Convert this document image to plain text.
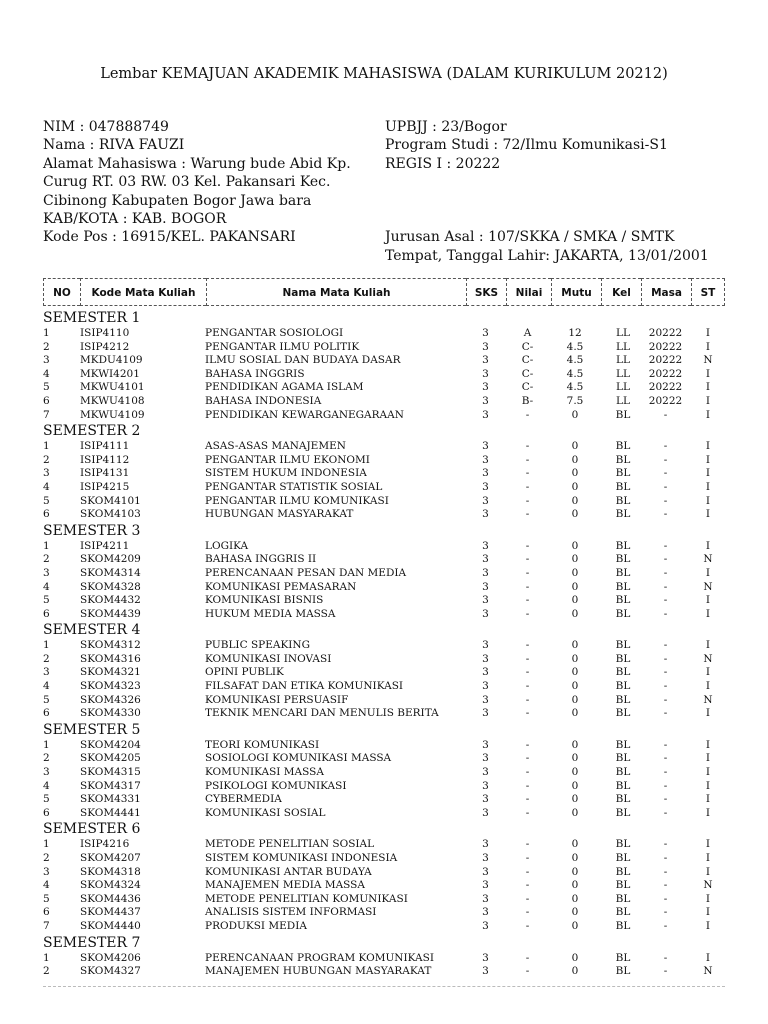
Lembar KEMAJUAN AKADEMIK MAHASISWA (DALAM KURIKULUM 20212)
NIM : 047888749
Nama : RIVA FAUZI
Alamat Mahasiswa : Warung bude Abid Kp. Curug RT. 03 RW. 03 Kel. Pakansari Kec. Cibinong Kabupaten Bogor Jawa bara
KAB/KOTA : KAB. BOGOR
Kode Pos : 16915/KEL. PAKANSARI
UPBJJ : 23/Bogor
Program Studi : 72/Ilmu Komunikasi-S1
REGIS I : 20222
Jurusan Asal : 107/SKKA / SMKA / SMTK
Tempat, Tanggal Lahir: JAKARTA, 13/01/2001
NO	Kode Mata Kuliah	Nama Mata Kuliah	SKS	Nilai	Mutu	Kel	Masa	ST
SEMESTER 1
1	ISIP4110	PENGANTAR SOSIOLOGI	3	A	12	LL	20222	I
2	ISIP4212	PENGANTAR ILMU POLITIK	3	C-	4.5	LL	20222	I
3	MKDU4109	ILMU SOSIAL DAN BUDAYA DASAR	3	C-	4.5	LL	20222	N
4	MKWI4201	BAHASA INGGRIS	3	C-	4.5	LL	20222	I
5	MKWU4101	PENDIDIKAN AGAMA ISLAM	3	C-	4.5	LL	20222	I
6	MKWU4108	BAHASA INDONESIA	3	B-	7.5	LL	20222	I
7	MKWU4109	PENDIDIKAN KEWARGANEGARAAN	3	-	0	BL	-	I
SEMESTER 2
1	ISIP4111	ASAS-ASAS MANAJEMEN	3	-	0	BL	-	I
2	ISIP4112	PENGANTAR ILMU EKONOMI	3	-	0	BL	-	I
3	ISIP4131	SISTEM HUKUM INDONESIA	3	-	0	BL	-	I
4	ISIP4215	PENGANTAR STATISTIK SOSIAL	3	-	0	BL	-	I
5	SKOM4101	PENGANTAR ILMU KOMUNIKASI	3	-	0	BL	-	I
6	SKOM4103	HUBUNGAN MASYARAKAT	3	-	0	BL	-	I
SEMESTER 3
1	ISIP4211	LOGIKA	3	-	0	BL	-	I
2	SKOM4209	BAHASA INGGRIS II	3	-	0	BL	-	N
3	SKOM4314	PERENCANAAN PESAN DAN MEDIA	3	-	0	BL	-	I
4	SKOM4328	KOMUNIKASI PEMASARAN	3	-	0	BL	-	N
5	SKOM4432	KOMUNIKASI BISNIS	3	-	0	BL	-	I
6	SKOM4439	HUKUM MEDIA MASSA	3	-	0	BL	-	I
SEMESTER 4
1	SKOM4312	PUBLIC SPEAKING	3	-	0	BL	-	I
2	SKOM4316	KOMUNIKASI INOVASI	3	-	0	BL	-	N
3	SKOM4321	OPINI PUBLIK	3	-	0	BL	-	I
4	SKOM4323	FILSAFAT DAN ETIKA KOMUNIKASI	3	-	0	BL	-	I
5	SKOM4326	KOMUNIKASI PERSUASIF	3	-	0	BL	-	N
6	SKOM4330	TEKNIK MENCARI DAN MENULIS BERITA	3	-	0	BL	-	I
SEMESTER 5
1	SKOM4204	TEORI KOMUNIKASI	3	-	0	BL	-	I
2	SKOM4205	SOSIOLOGI KOMUNIKASI MASSA	3	-	0	BL	-	I
3	SKOM4315	KOMUNIKASI MASSA	3	-	0	BL	-	I
4	SKOM4317	PSIKOLOGI KOMUNIKASI	3	-	0	BL	-	I
5	SKOM4331	CYBERMEDIA	3	-	0	BL	-	I
6	SKOM4441	KOMUNIKASI SOSIAL	3	-	0	BL	-	I
SEMESTER 6
1	ISIP4216	METODE PENELITIAN SOSIAL	3	-	0	BL	-	I
2	SKOM4207	SISTEM KOMUNIKASI INDONESIA	3	-	0	BL	-	I
3	SKOM4318	KOMUNIKASI ANTAR BUDAYA	3	-	0	BL	-	I
4	SKOM4324	MANAJEMEN MEDIA MASSA	3	-	0	BL	-	N
5	SKOM4436	METODE PENELITIAN KOMUNIKASI	3	-	0	BL	-	I
6	SKOM4437	ANALISIS SISTEM INFORMASI	3	-	0	BL	-	I
7	SKOM4440	PRODUKSI MEDIA	3	-	0	BL	-	I
SEMESTER 7
1	SKOM4206	PERENCANAAN PROGRAM KOMUNIKASI	3	-	0	BL	-	I
2	SKOM4327	MANAJEMEN HUBUNGAN MASYARAKAT	3	-	0	BL	-	N
